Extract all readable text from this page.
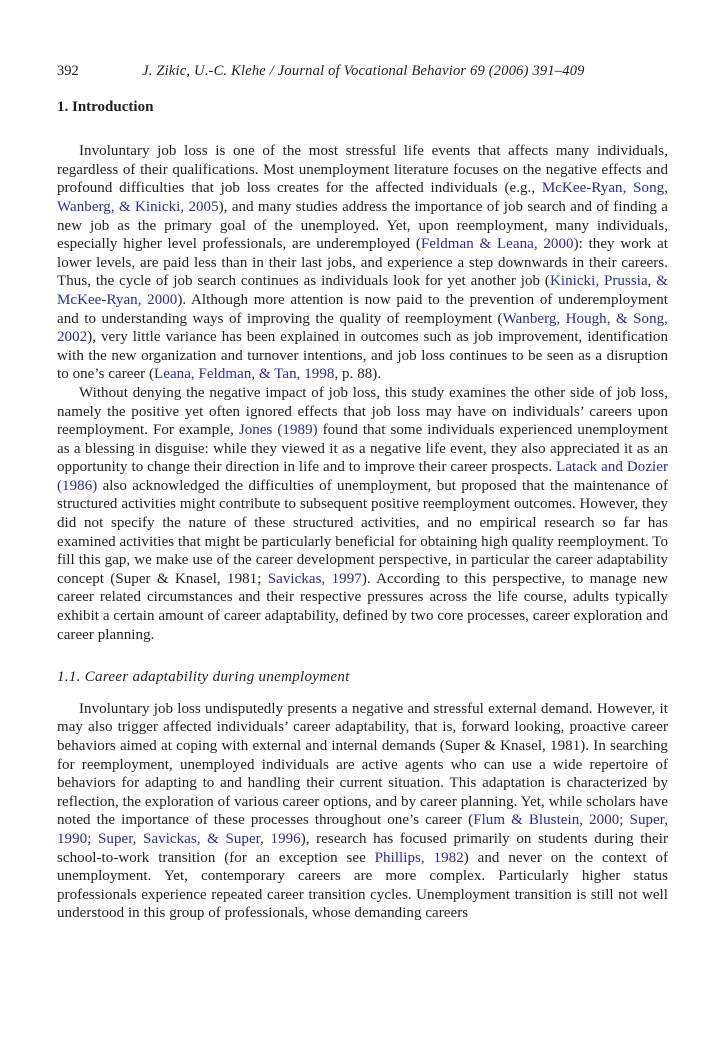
392	J. Zikic, U.-C. Klehe / Journal of Vocational Behavior 69 (2006) 391–409
1. Introduction

Involuntary job loss is one of the most stressful life events that affects many individuals, regardless of their qualifications. Most unemployment literature focuses on the negative effects and profound difficulties that job loss creates for the affected individuals (e.g., McKee-Ryan, Song, Wanberg, & Kinicki, 2005), and many studies address the importance of job search and of finding a new job as the primary goal of the unemployed. Yet, upon reemployment, many individuals, especially higher level professionals, are underemployed (Feldman & Leana, 2000): they work at lower levels, are paid less than in their last jobs, and experience a step downwards in their careers. Thus, the cycle of job search continues as individuals look for yet another job (Kinicki, Prussia, & McKee-Ryan, 2000). Although more attention is now paid to the prevention of underemployment and to understanding ways of improving the quality of reemployment (Wanberg, Hough, & Song, 2002), very little variance has been explained in outcomes such as job improvement, identification with the new organization and turnover intentions, and job loss continues to be seen as a disruption to one’s career (Leana, Feldman, & Tan, 1998, p. 88).

Without denying the negative impact of job loss, this study examines the other side of job loss, namely the positive yet often ignored effects that job loss may have on individuals’ careers upon reemployment. For example, Jones (1989) found that some individuals experienced unemployment as a blessing in disguise: while they viewed it as a negative life event, they also appreciated it as an opportunity to change their direction in life and to improve their career prospects. Latack and Dozier (1986) also acknowledged the difficulties of unemployment, but proposed that the maintenance of structured activities might contribute to subsequent positive reemployment outcomes. However, they did not specify the nature of these structured activities, and no empirical research so far has examined activities that might be particularly beneficial for obtaining high quality reemployment. To fill this gap, we make use of the career development perspective, in particular the career adaptability concept (Super & Knasel, 1981; Savickas, 1997). According to this perspective, to manage new career related circumstances and their respective pressures across the life course, adults typically exhibit a certain amount of career adaptability, defined by two core processes, career exploration and career planning.

1.1. Career adaptability during unemployment

Involuntary job loss undisputedly presents a negative and stressful external demand. However, it may also trigger affected individuals’ career adaptability, that is, forward looking, proactive career behaviors aimed at coping with external and internal demands (Super & Knasel, 1981). In searching for reemployment, unemployed individuals are active agents who can use a wide repertoire of behaviors for adapting to and handling their current situation. This adaptation is characterized by reflection, the exploration of various career options, and by career planning. Yet, while scholars have noted the importance of these processes throughout one’s career (Flum & Blustein, 2000; Super, 1990; Super, Savickas, & Super, 1996), research has focused primarily on students during their school-to-work transition (for an exception see Phillips, 1982) and never on the context of unemployment. Yet, contemporary careers are more complex. Particularly higher status professionals experience repeated career transition cycles. Unemployment transition is still not well understood in this group of professionals, whose demanding careers
